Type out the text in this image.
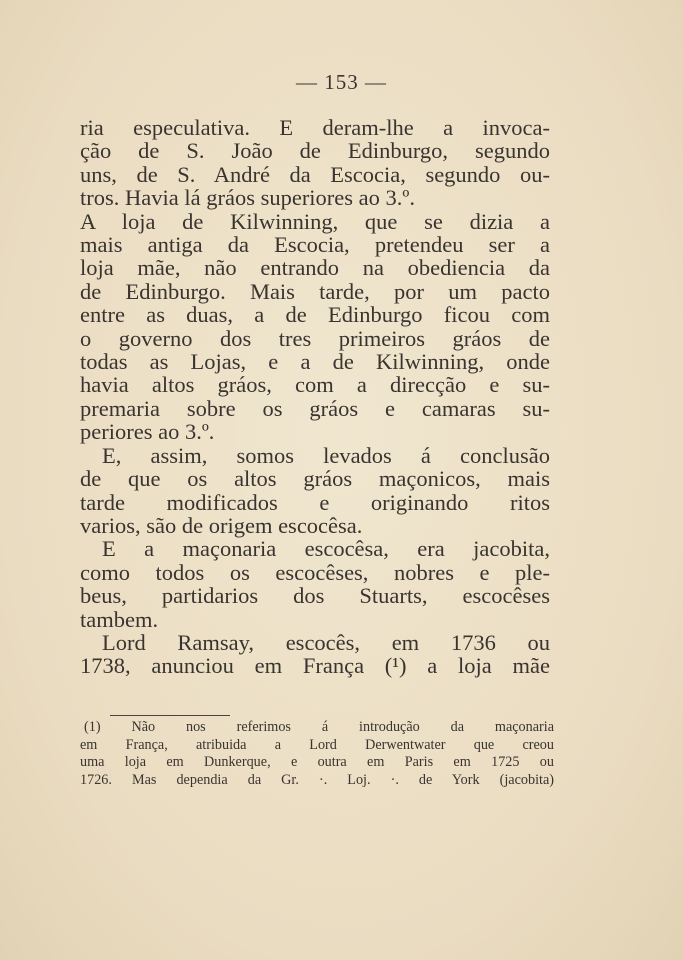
— 153 —
ria especulativa. E deram-lhe a invoca-
ção de S. João de Edinburgo, segundo
uns, de S. André da Escocia, segundo ou-
tros. Havia lá gráos superiores ao 3.º.
A loja de Kilwinning, que se dizia a
mais antiga da Escocia, pretendeu ser a
loja mãe, não entrando na obediencia da
de Edinburgo. Mais tarde, por um pacto
entre as duas, a de Edinburgo ficou com
o governo dos tres primeiros gráos de
todas as Lojas, e a de Kilwinning, onde
havia altos gráos, com a direcção e su-
premaria sobre os gráos e camaras su-
periores ao 3.º.
E, assim, somos levados á conclusão
de que os altos gráos maçonicos, mais
tarde modificados e originando ritos
varios, são de origem escocêsa.
E a maçonaria escocêsa, era jacobita,
como todos os escocêses, nobres e ple-
beus, partidarios dos Stuarts, escocêses
tambem.
Lord Ramsay, escocês, em 1736 ou
1738, anunciou em França (¹) a loja mãe
(1) Não nos referimos á introdução da maçonaria
em França, atribuida a Lord Derwentwater que creou
uma loja em Dunkerque, e outra em Paris em 1725 ou
1726. Mas dependia da Gr. ·. Loj. ·. de York (jacobita)
